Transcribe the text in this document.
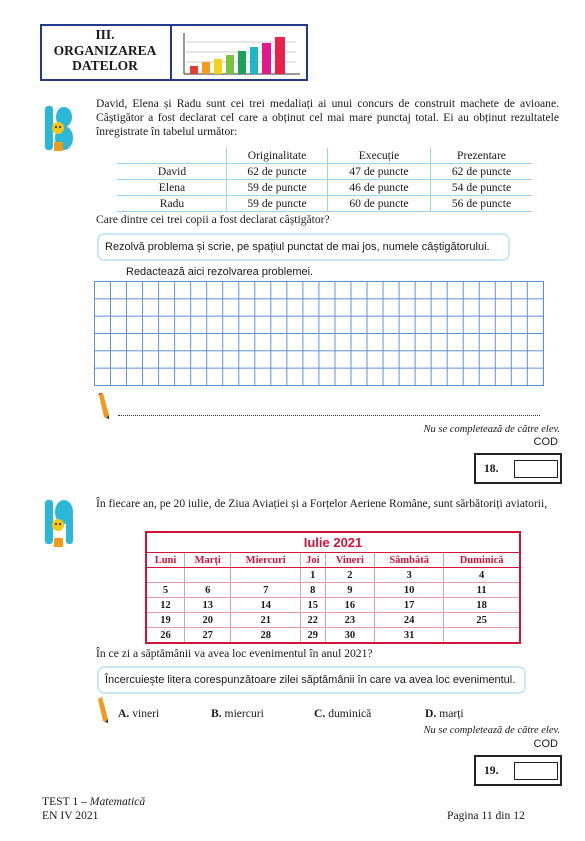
III.
ORGANIZAREA
DATELOR
David, Elena și Radu sunt cei trei medaliați ai unui concurs de construit machete de avioane. Câștigător a fost declarat cel care a obținut cel mai mare punctaj total. Ei au obținut rezultatele înregistrate în tabelul următor:
	Originalitate	Execuție	Prezentare
David	62 de puncte	47 de puncte	62 de puncte
Elena	59 de puncte	46 de puncte	54 de puncte
Radu	59 de puncte	60 de puncte	56 de puncte
Care dintre cei trei copii a fost declarat câștigător?
Rezolvă problema și scrie, pe spațiul punctat de mai jos, numele câștigătorului.
Redactează aici rezolvarea problemei.
Nu se completează de către elev.
COD
18.
În fiecare an, pe 20 iulie, de Ziua Aviației și a Forțelor Aeriene Române, sunt sărbătoriți aviatorii,
Iulie 2021
Luni	Marți	Miercuri	Joi	Vineri	Sâmbătă	Duminică
			1	2	3	4
5	6	7	8	9	10	11
12	13	14	15	16	17	18
19	20	21	22	23	24	25
26	27	28	29	30	31	
În ce zi a săptămânii va avea loc evenimentul în anul 2021?
Încercuiește litera corespunzătoare zilei săptămânii în care va avea loc evenimentul.
A. vineri	B. miercuri	C. duminică	D. marți
Nu se completează de către elev.
COD
19.
TEST 1 – Matematică
EN IV 2021	Pagina 11 din 12
